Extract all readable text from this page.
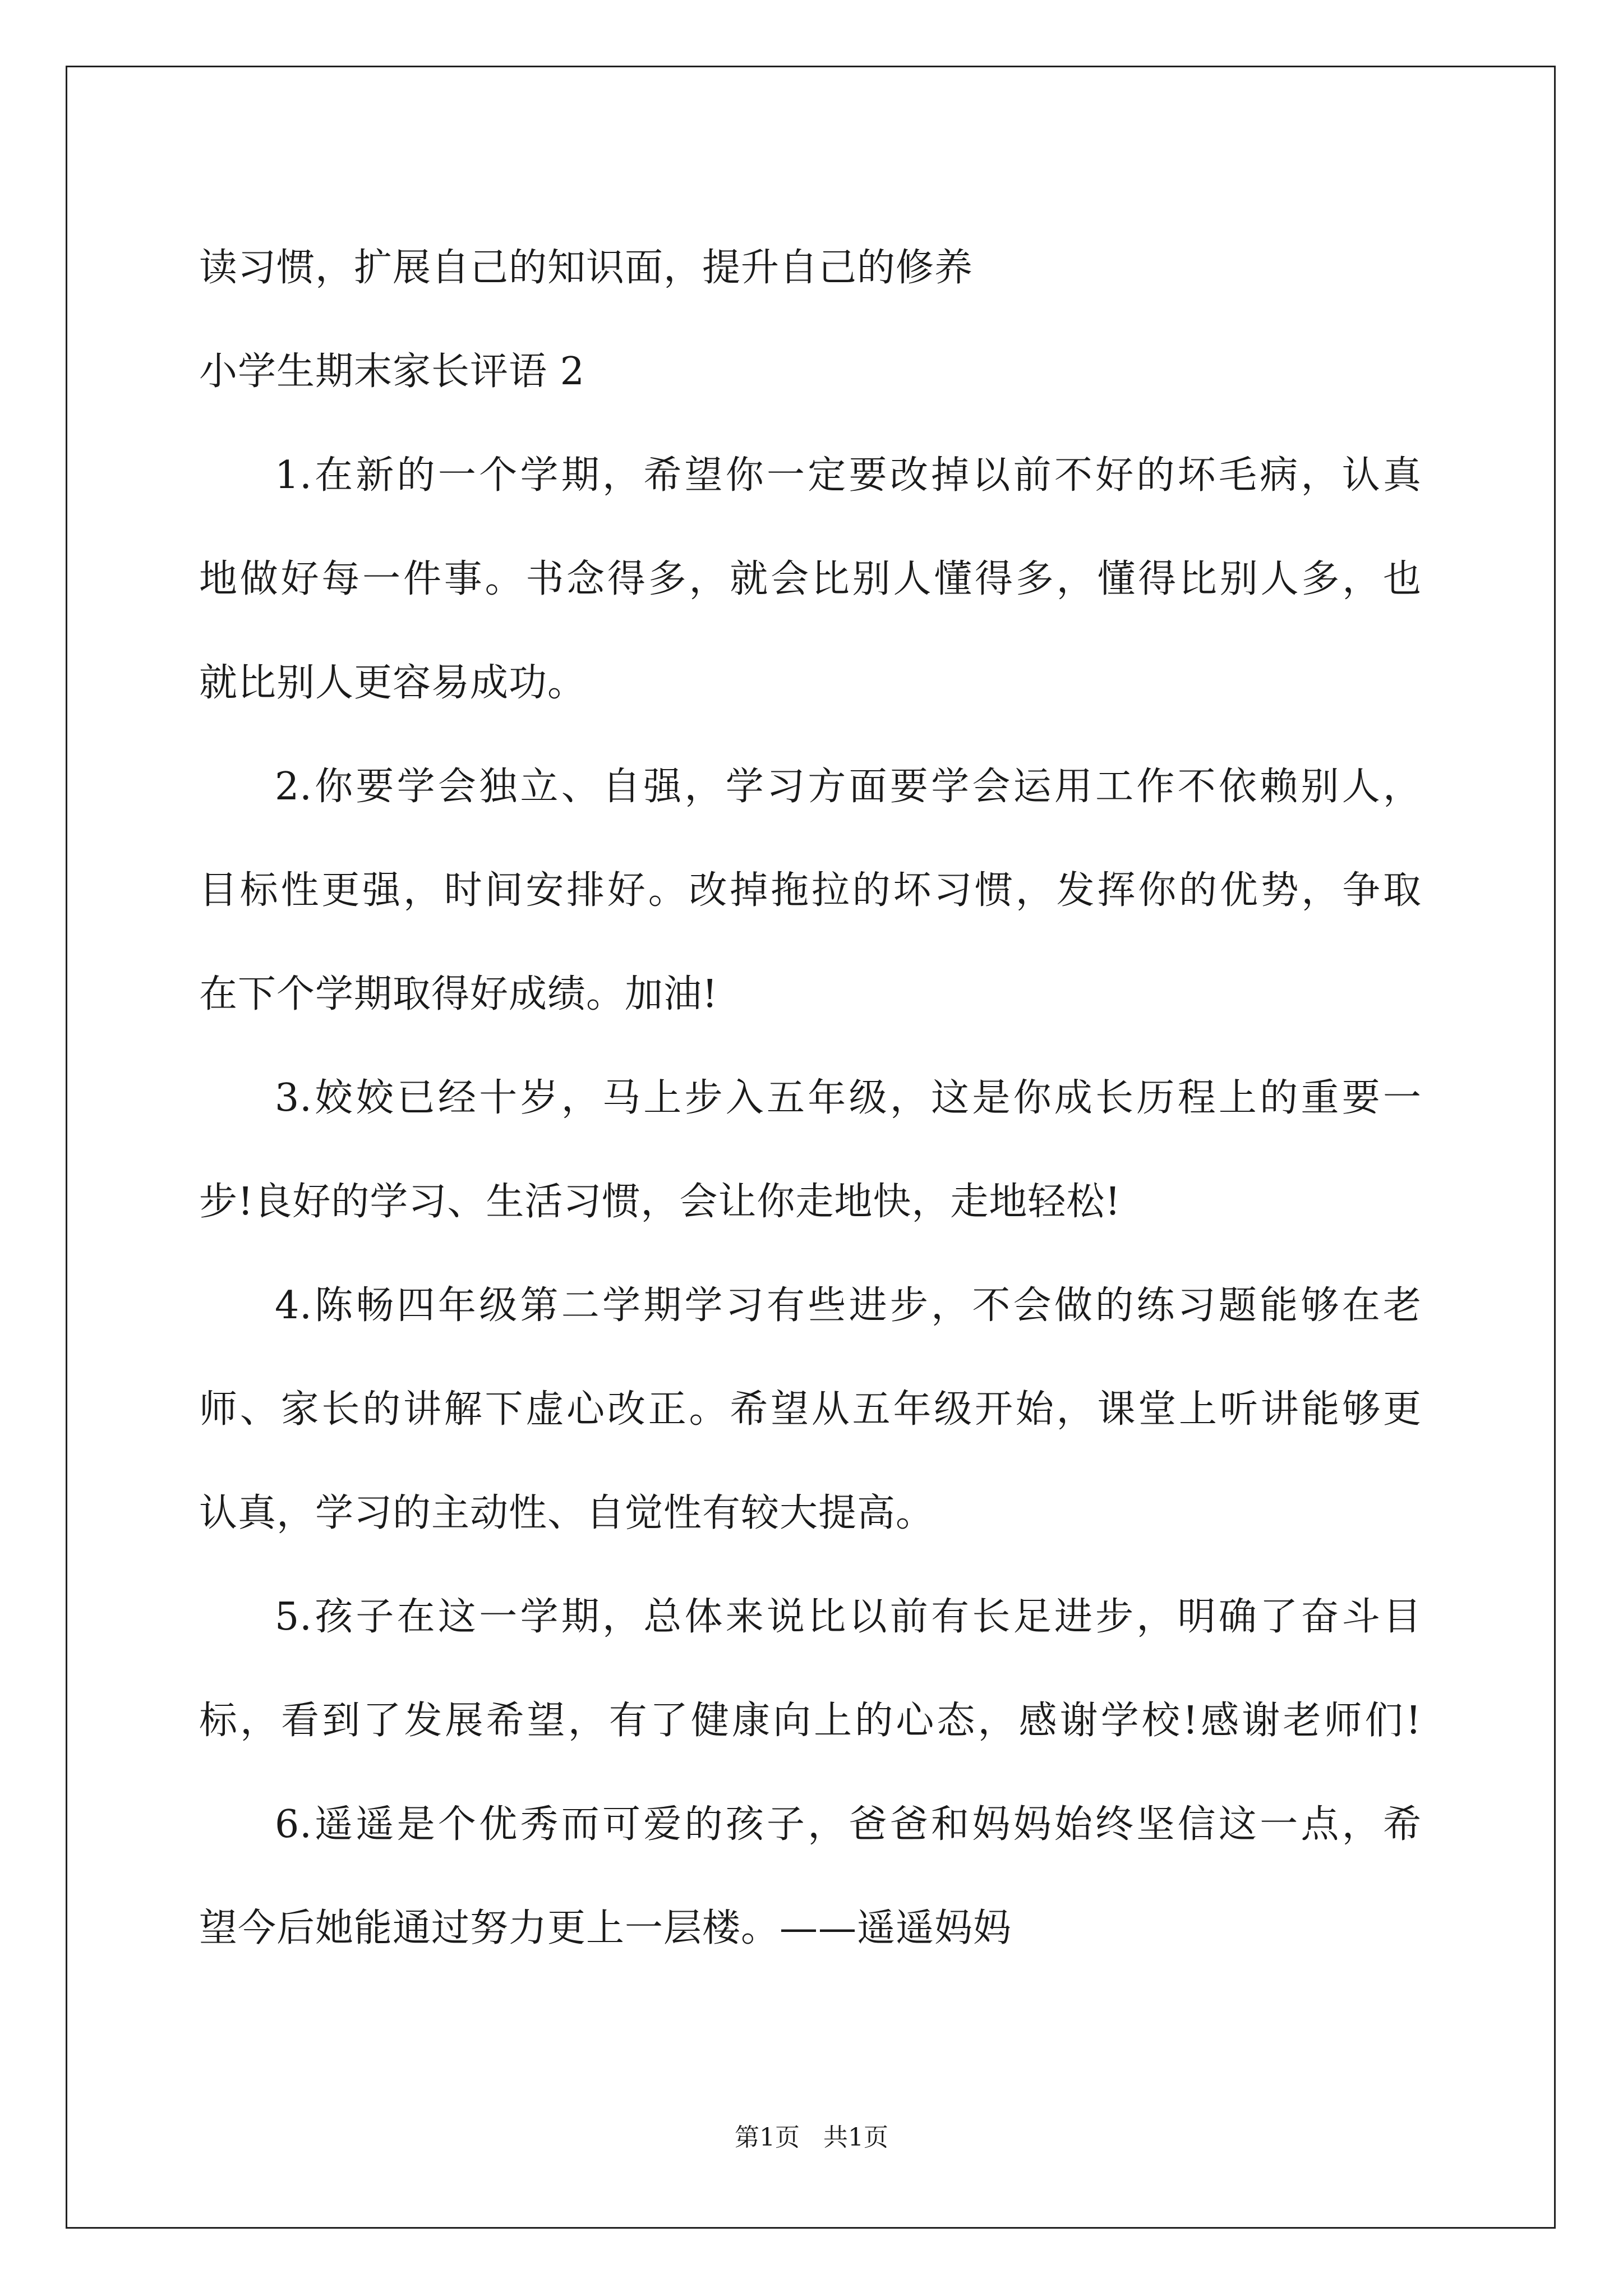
读习惯，扩展自己的知识面，提升自己的修养
小学生期末家长评语 2
1.在新的一个学期，希望你一定要改掉以前不好的坏毛病，认真
地做好每一件事。书念得多，就会比别人懂得多，懂得比别人多，也
就比别人更容易成功。
2.你要学会独立、自强，学习方面要学会运用工作不依赖别人，
目标性更强，时间安排好。改掉拖拉的坏习惯，发挥你的优势，争取
在下个学期取得好成绩。加油!
3.姣姣已经十岁，马上步入五年级，这是你成长历程上的重要一
步!良好的学习、生活习惯，会让你走地快，走地轻松!
4.陈畅四年级第二学期学习有些进步，不会做的练习题能够在老
师、家长的讲解下虚心改正。希望从五年级开始，课堂上听讲能够更
认真，学习的主动性、自觉性有较大提高。
5.孩子在这一学期，总体来说比以前有长足进步，明确了奋斗目
标，看到了发展希望，有了健康向上的心态，感谢学校!感谢老师们!
6.遥遥是个优秀而可爱的孩子，爸爸和妈妈始终坚信这一点，希
望今后她能通过努力更上一层楼。——遥遥妈妈
第1页   共1页
